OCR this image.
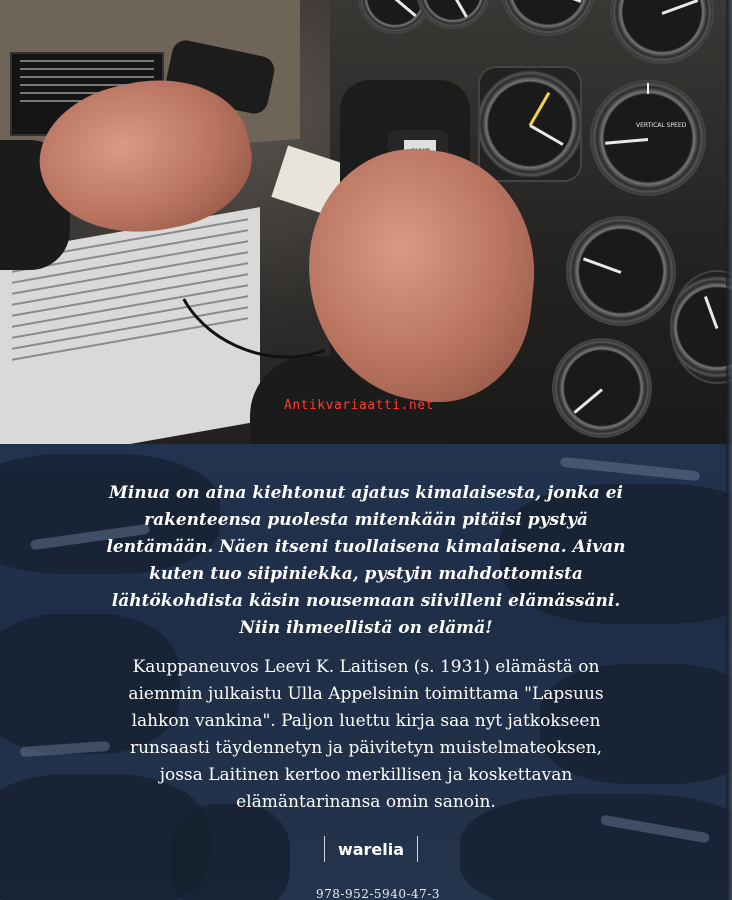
VERTICAL SPEED
Antikvariaatti.net
Minua on aina kiehtonut ajatus kimalaisesta, jonka ei
rakenteensa puolesta mitenkään pitäisi pystyä
lentämään. Näen itseni tuollaisena kimalaisena. Aivan
kuten tuo siipiniekka, pystyin mahdottomista
lähtökohdista käsin nousemaan siivilleni elämässäni.
Niin ihmeellistä on elämä!
Kauppaneuvos Leevi K. Laitisen (s. 1931) elämästä on
aiemmin julkaistu Ulla Appelsinin toimittama "Lapsuus
lahkon vankina". Paljon luettu kirja saa nyt jatkokseen
runsaasti täydennetyn ja päivitetyn muistelmateoksen,
jossa Laitinen kertoo merkillisen ja koskettavan
elämäntarinansa omin sanoin.
warelia
978-952-5940-47-3
